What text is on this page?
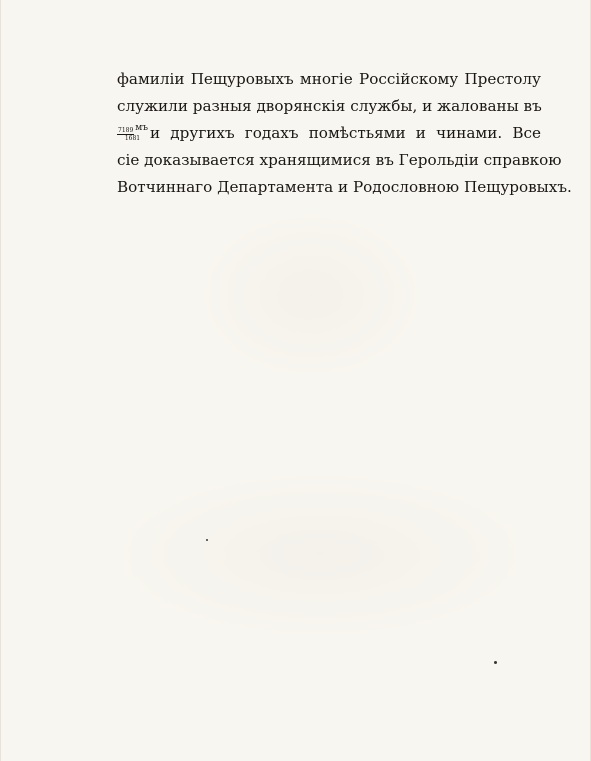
фамилiи Пещуровыхъ многiе Россiйскому Престолу
служили разныя дворянскiя службы, и жалованы въ
7189 мъ
1681 и другихъ годахъ помѣстьями и чинами. Все
сiе доказывается хранящимися въ Герольдiи справкою
Вотчиннаго Департамента и Родословною Пещуровыхъ.
